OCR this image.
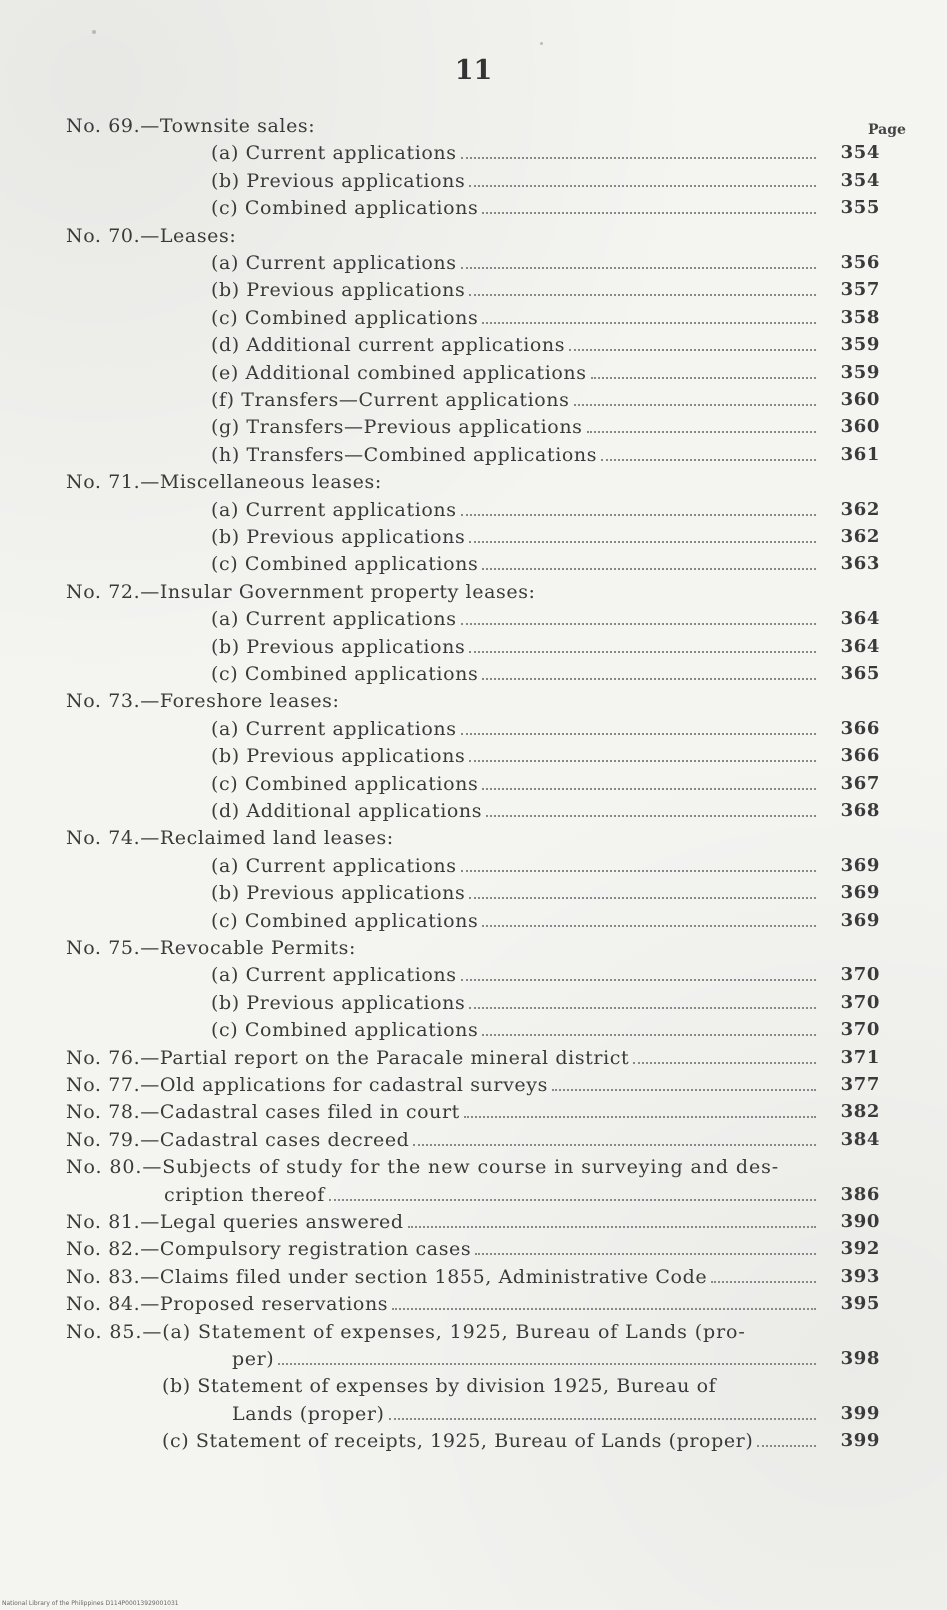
11
Page
No. 69.—Townsite sales:
(a) Current applications	354
(b) Previous applications	354
(c) Combined applications	355
No. 70.—Leases:
(a) Current applications	356
(b) Previous applications	357
(c) Combined applications	358
(d) Additional current applications	359
(e) Additional combined applications	359
(f) Transfers—Current applications	360
(g) Transfers—Previous applications	360
(h) Transfers—Combined applications	361
No. 71.—Miscellaneous leases:
(a) Current applications	362
(b) Previous applications	362
(c) Combined applications	363
No. 72.—Insular Government property leases:
(a) Current applications	364
(b) Previous applications	364
(c) Combined applications	365
No. 73.—Foreshore leases:
(a) Current applications	366
(b) Previous applications	366
(c) Combined applications	367
(d) Additional applications	368
No. 74.—Reclaimed land leases:
(a) Current applications	369
(b) Previous applications	369
(c) Combined applications	369
No. 75.—Revocable Permits:
(a) Current applications	370
(b) Previous applications	370
(c) Combined applications	370
No. 76.—Partial report on the Paracale mineral district	371
No. 77.—Old applications for cadastral surveys	377
No. 78.—Cadastral cases filed in court	382
No. 79.—Cadastral cases decreed	384
No. 80.—Subjects of study for the new course in surveying and des-
cription thereof	386
No. 81.—Legal queries answered	390
No. 82.—Compulsory registration cases	392
No. 83.—Claims filed under section 1855, Administrative Code	393
No. 84.—Proposed reservations	395
No. 85.—(a) Statement of expenses, 1925, Bureau of Lands (pro-
per)	398
(b) Statement of expenses by division 1925, Bureau of
Lands (proper)	399
(c) Statement of receipts, 1925, Bureau of Lands (proper)	399
National Library of the Philippines D114P00013929001031
